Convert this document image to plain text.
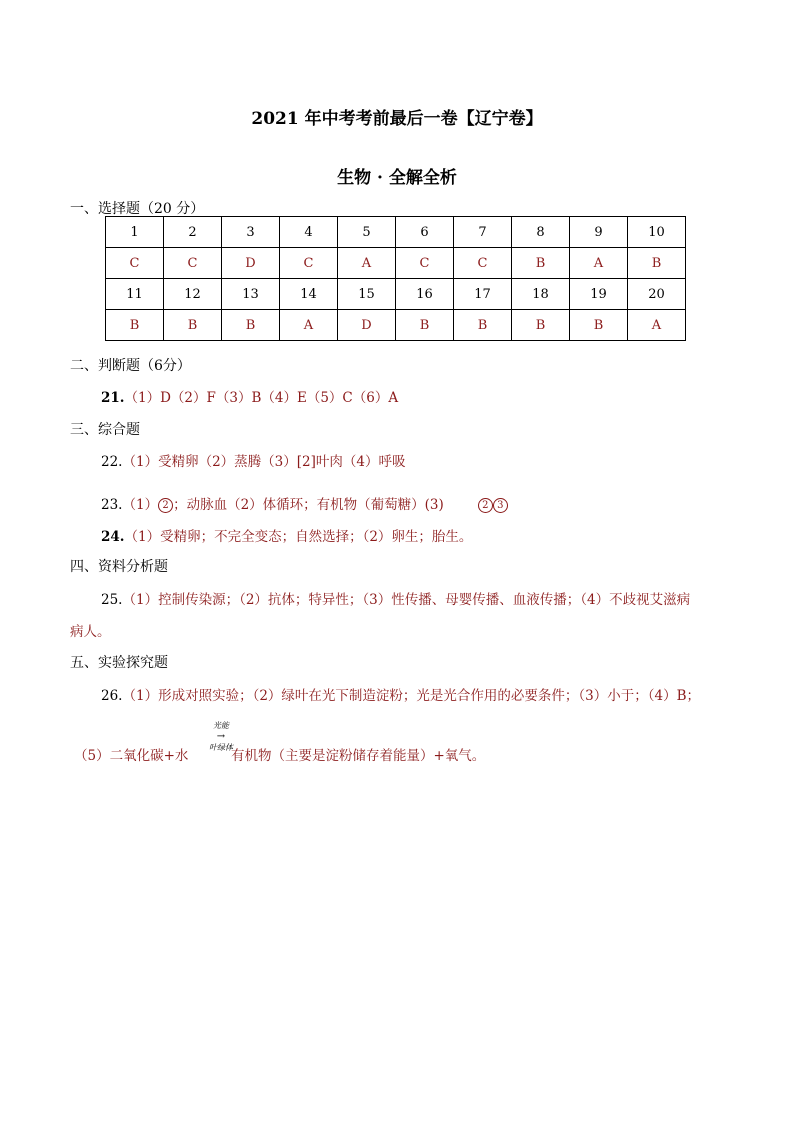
2021 年中考考前最后一卷【辽宁卷】
生物 · 全解全析
一、选择题（20 分）
1	2	3	4	5	6	7	8	9	10
C	C	D	C	A	C	C	B	A	B
11	12	13	14	15	16	17	18	19	20
B	B	B	A	D	B	B	B	B	A
二、判断题（6分）
21.（1）D（2）F（3）B（4）E（5）C（6）A
三、综合题
22.（1）受精卵（2）蒸腾（3）[2]叶肉（4）呼吸
23.（1） 2 ；动脉血（2）体循环；有机物（葡萄糖）(3)	2 3
24.（1）受精卵；不完全变态；自然选择；（2）卵生；胎生。
四、资料分析题
25.（1）控制传染源；（2）抗体；特异性；（3）性传播、母婴传播、血液传播；（4）不歧视艾滋病
病人。
五、实验探究题
26.（1）形成对照实验；（2）绿叶在光下制造淀粉；光是光合作用的必要条件；（3）小于；（4）B；
（5）二氧化碳+水
光能
→
叶绿体
有机物（主要是淀粉储存着能量）+氧气。
